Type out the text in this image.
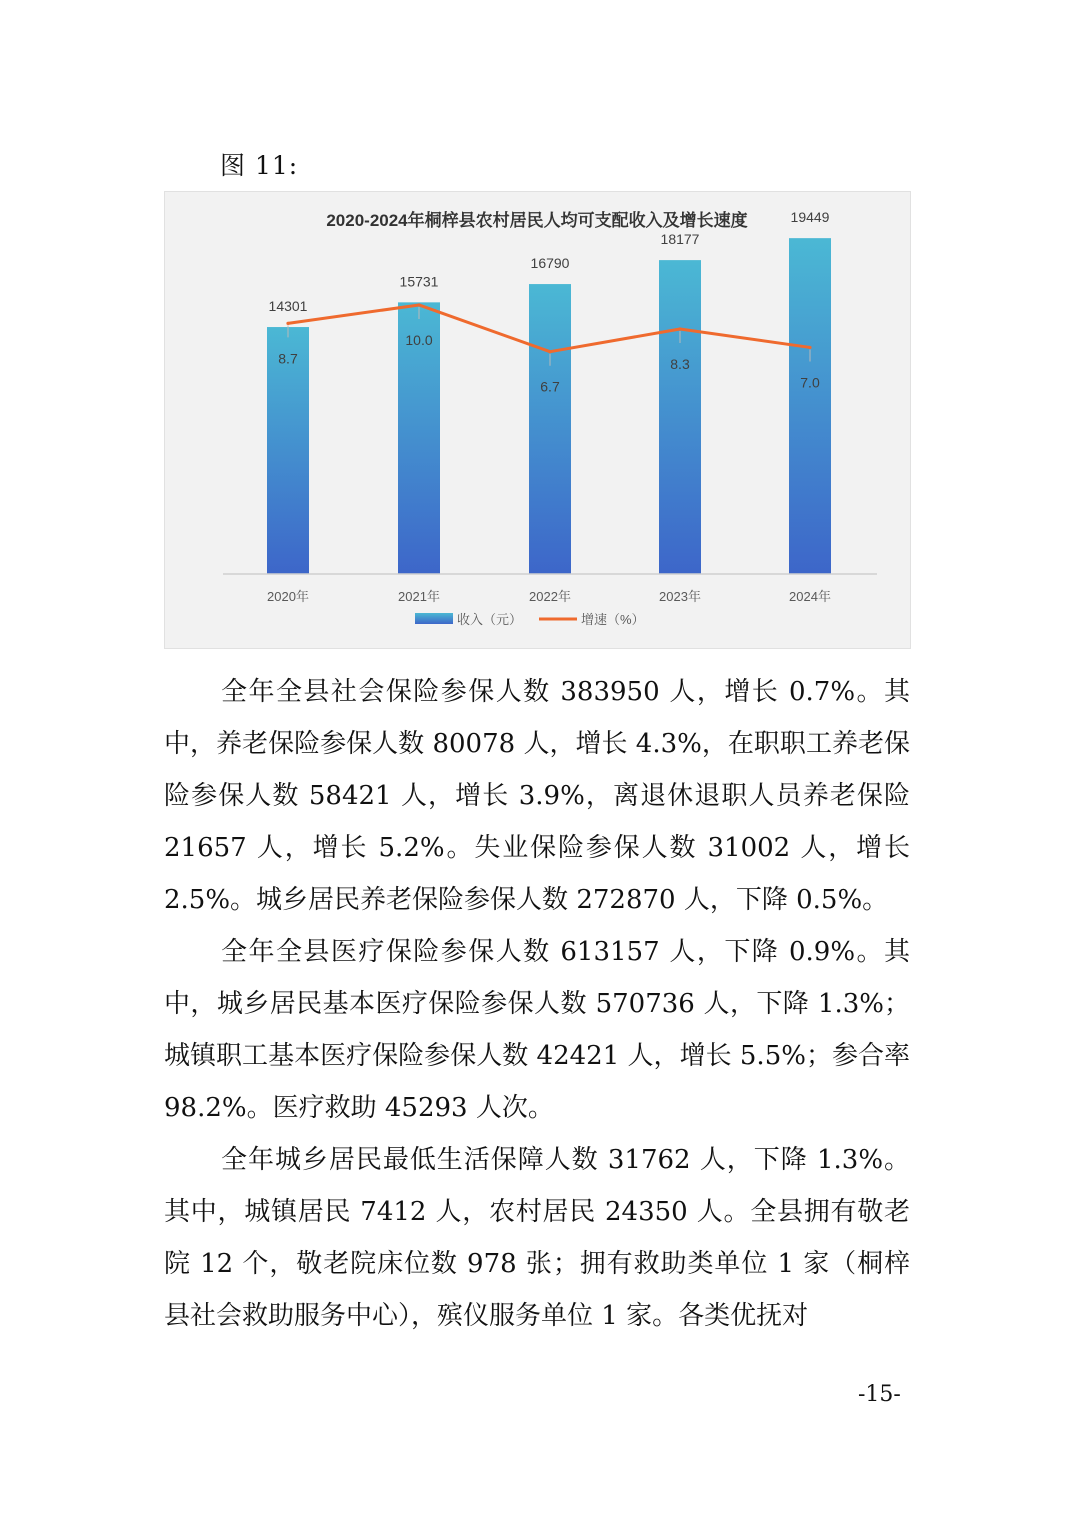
图 11:
2020-2024年桐梓县农村居民人均可支配收入及增长速度
14301
15731
16790
18177
19449
8.7
10.0
6.7
8.3
7.0
2020年	2021年	2022年	2023年	2024年
收入（元）	增速（%）

全年全县社会保险参保人数 383950 人，增长 0.7%。其中，养老保险参保人数 80078 人，增长 4.3%，在职职工养老保险参保人数 58421 人，增长 3.9%，离退休退职人员养老保险 21657 人，增长 5.2%。失业保险参保人数 31002 人，增长 2.5%。城乡居民养老保险参保人数 272870 人，下降 0.5%。

全年全县医疗保险参保人数 613157 人，下降 0.9%。其中，城乡居民基本医疗保险参保人数 570736 人，下降 1.3%；城镇职工基本医疗保险参保人数 42421 人，增长 5.5%；参合率 98.2%。医疗救助 45293 人次。

全年城乡居民最低生活保障人数 31762 人，下降 1.3%。其中，城镇居民 7412 人，农村居民 24350 人。全县拥有敬老院 12 个，敬老院床位数 978 张；拥有救助类单位 1 家（桐梓县社会救助服务中心），殡仪服务单位 1 家。各类优抚对

-15-
